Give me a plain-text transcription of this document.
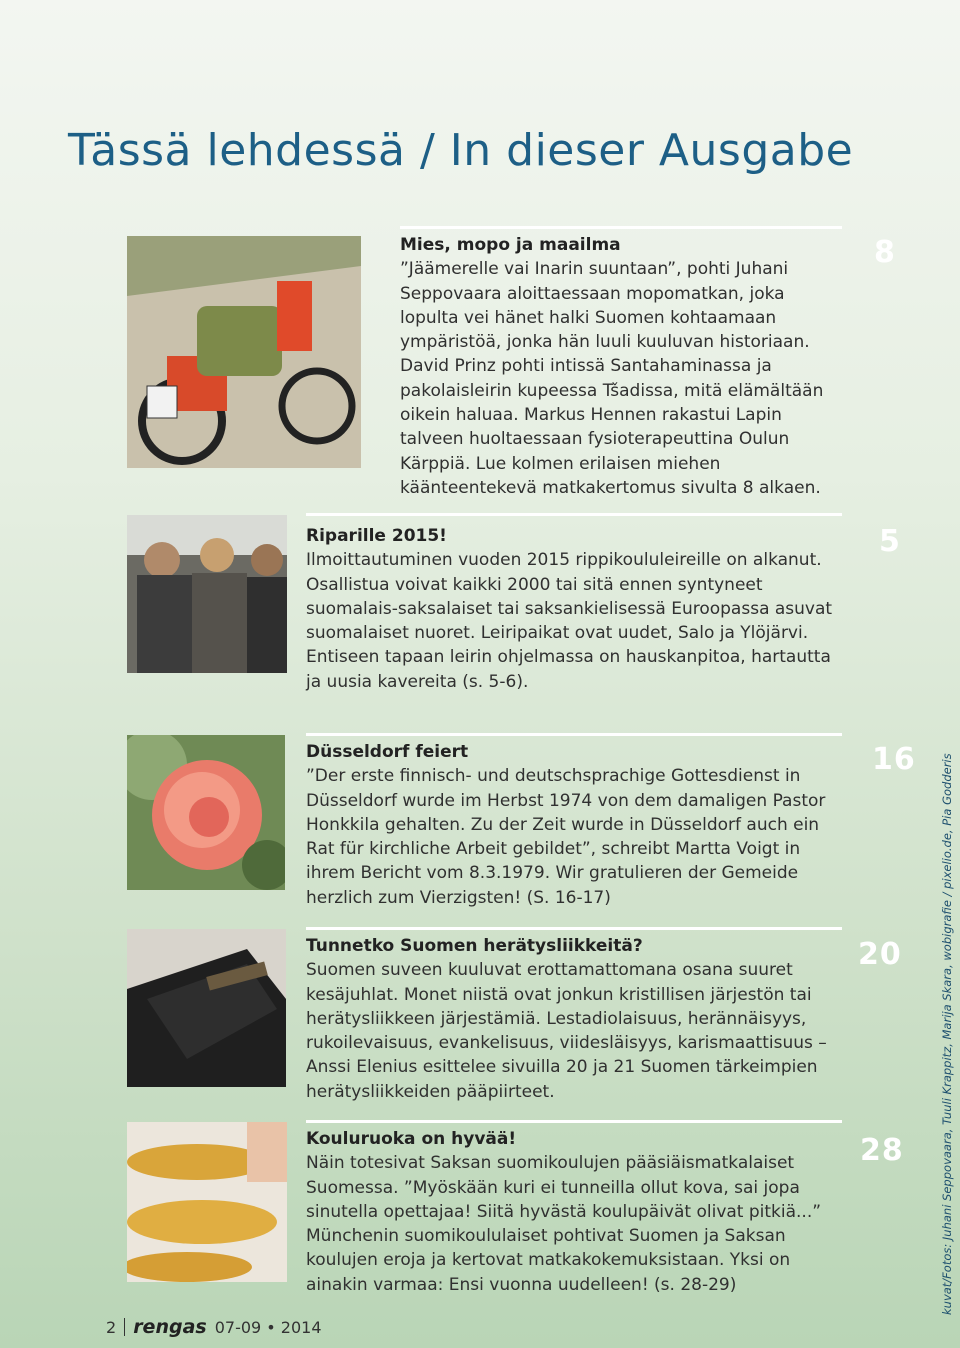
Tässä lehdessä / In dieser Ausgabe
Mies, mopo ja maailma

”Jäämerelle vai Inarin suuntaan”, pohti Juhani Seppovaara aloittaessaan mopomatkan, joka lopulta vei hänet halki Suomen kohtaamaan ympäristöä, jonka hän luuli kuuluvan historiaan. David Prinz pohti intissä Santahaminassa ja pakolaisleirin kupeessa Tšadissa, mitä elämältään oikein haluaa. Markus Hennen rakastui Lapin talveen huoltaessaan fysioterapeuttina Oulun Kärppiä. Lue kolmen erilaisen miehen käänteentekevä matkakertomus sivulta 8 alkaen.

8
Riparille 2015!

Ilmoittautuminen vuoden 2015 rippikoululeireille on alkanut. Osallistua voivat kaikki 2000 tai sitä ennen syntyneet suomalais-saksalaiset tai saksankielisessä Euroopassa asuvat suomalaiset nuoret. Leiripaikat ovat uudet, Salo ja Ylöjärvi. Entiseen tapaan leirin ohjelmassa on hauskanpitoa, hartautta ja uusia kavereita (s. 5-6).

5
Düsseldorf feiert

”Der erste finnisch- und deutschsprachige Gottesdienst in Düsseldorf wurde im Herbst 1974 von dem damaligen Pastor Honkkila gehalten. Zu der Zeit wurde in Düsseldorf auch ein Rat für kirchliche Arbeit gebildet”, schreibt Martta Voigt in ihrem Bericht vom 8.3.1979. Wir gratulieren der Gemeide herzlich zum Vierzigsten! (S. 16-17)

16
Tunnetko Suomen herätysliikkeitä?

Suomen suveen kuuluvat erottamattomana osana suuret kesäjuhlat. Monet niistä ovat jonkun kristillisen järjestön tai herätysliikkeen järjestämiä. Lestadiolaisuus, herännäisyys, rukoilevaisuus, evankelisuus, viidesläisyys, karismaattisuus – Anssi Elenius esittelee sivuilla 20 ja 21 Suomen tärkeimpien herätysliikkeiden pääpiirteet.

20
Kouluruoka on hyvää!

Näin totesivat Saksan suomikoulujen pääsiäismatkalaiset Suomessa. ”Myöskään kuri ei tunneilla ollut kova, sai jopa sinutella opettajaa! Siitä hyvästä koulupäivät olivat pitkiä...” Münchenin suomikoululaiset pohtivat Suomen ja Saksan koulujen eroja ja kertovat matkakokemuksistaan. Yksi on ainakin varmaa: Ensi vuonna uudelleen! (s. 28-29)

28	kuvat/Fotos: Juhani Seppovaara, Tuuli Krappitz, Marija Skara, wobigrafie / pixelio.de, Pia Godderis
2 rengas 07-09 • 2014
